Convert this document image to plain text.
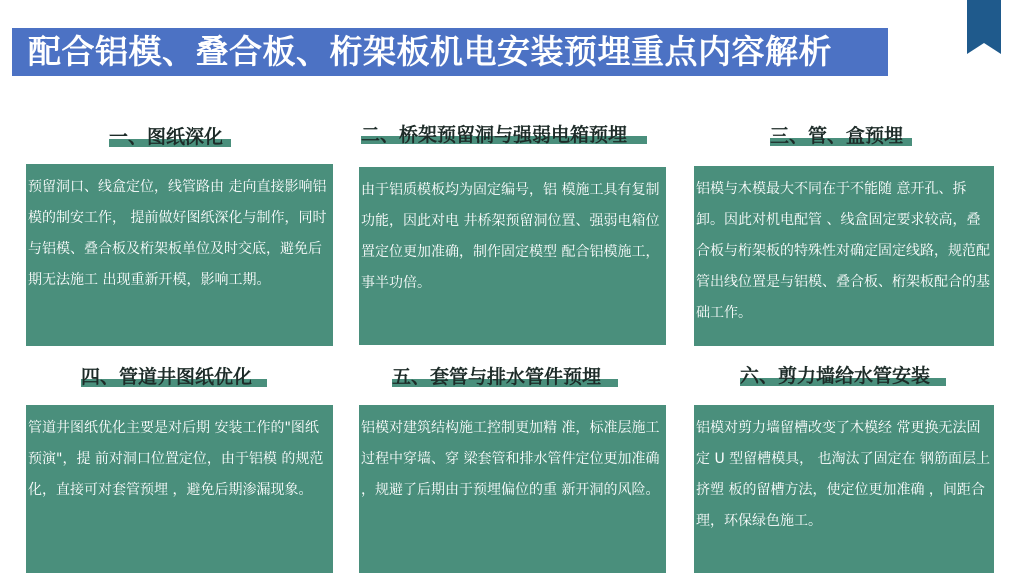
配合铝模、叠合板、桁架板机电安装预埋重点内容解析
一、图纸深化
预留洞口、线盒定位，线管路由 走向直接影响铝模的制安工作， 提前做好图纸深化与制作，同时与铝模、叠合板及桁架板单位及时交底，避免后期无法施工 出现重新开模，影响工期。
二、桥架预留洞与强弱电箱预埋
由于铝质模板均为固定编号，铝 模施工具有复制功能，因此对电 井桥架预留洞位置、强弱电箱位 置定位更加准确，制作固定模型 配合铝模施工，事半功倍。
三、管、盒预埋
铝模与木模最大不同在于不能随 意开孔、拆卸。因此对机电配管 、线盒固定要求较高，叠合板与桁架板的特殊性对确定固定线路，规范配管出线位置是与铝模、叠合板、桁架板配合的基础工作。
四、管道井图纸优化
管道井图纸优化主要是对后期 安装工作的"图纸预演"，提 前对洞口位置定位，由于铝模 的规范化，直接可对套管预埋 ，避免后期渗漏现象。
五、套管与排水管件预埋
铝模对建筑结构施工控制更加精 准，标准层施工过程中穿墙、穿 梁套管和排水管件定位更加准确 ，规避了后期由于预埋偏位的重 新开洞的风险。
六、剪力墙给水管安装
铝模对剪力墙留槽改变了木模经 常更换无法固定 U 型留槽模具， 也淘汰了固定在 钢筋面层上挤塑 板的留槽方法，使定位更加准确 ，间距合理，环保绿色施工。
